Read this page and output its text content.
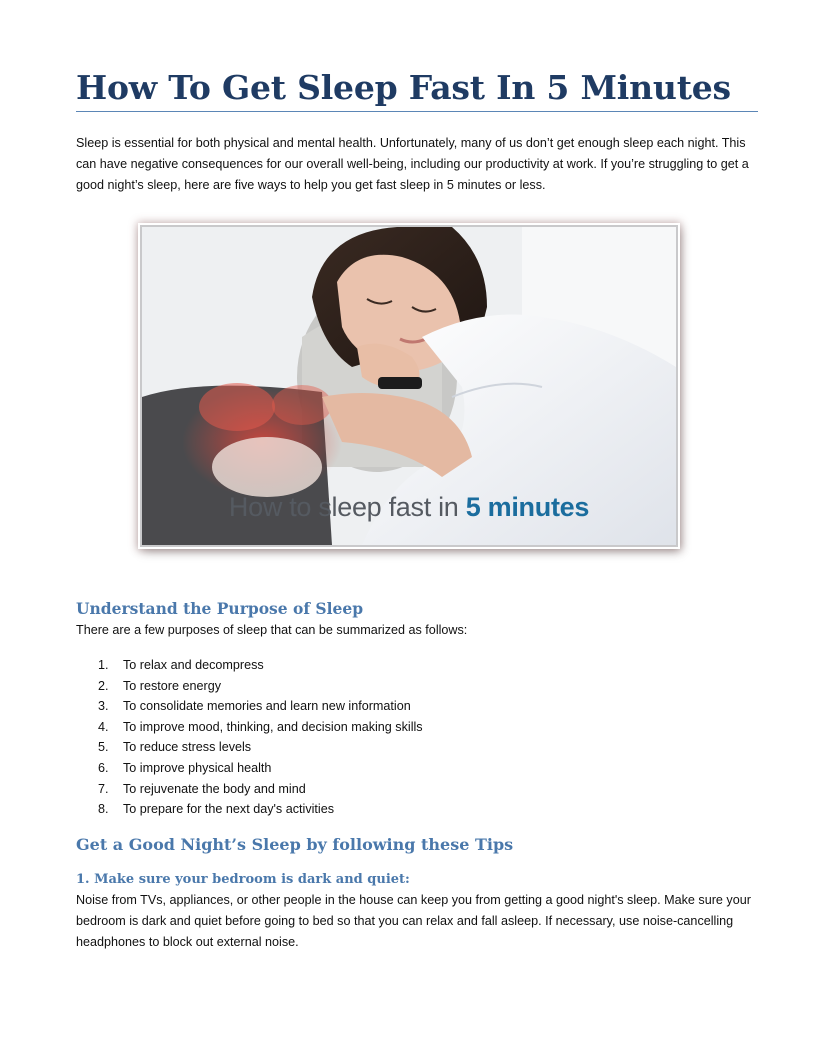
How To Get Sleep Fast In 5 Minutes

Sleep is essential for both physical and mental health. Unfortunately, many of us don’t get enough sleep each night. This can have negative consequences for our overall well-being, including our productivity at work. If you’re struggling to get a good night’s sleep, here are five ways to help you get fast sleep in 5 minutes or less.

How to sleep fast in 5 minutes
Understand the Purpose of Sleep

There are a few purposes of sleep that can be summarized as follows:

1.	To relax and decompress
2.	To restore energy
3.	To consolidate memories and learn new information
4.	To improve mood, thinking, and decision making skills
5.	To reduce stress levels
6.	To improve physical health
7.	To rejuvenate the body and mind
8.	To prepare for the next day's activities
Get a Good Night’s Sleep by following these Tips
1. Make sure your bedroom is dark and quiet:

Noise from TVs, appliances, or other people in the house can keep you from getting a good night's sleep. Make sure your bedroom is dark and quiet before going to bed so that you can relax and fall asleep. If necessary, use noise-cancelling headphones to block out external noise.
